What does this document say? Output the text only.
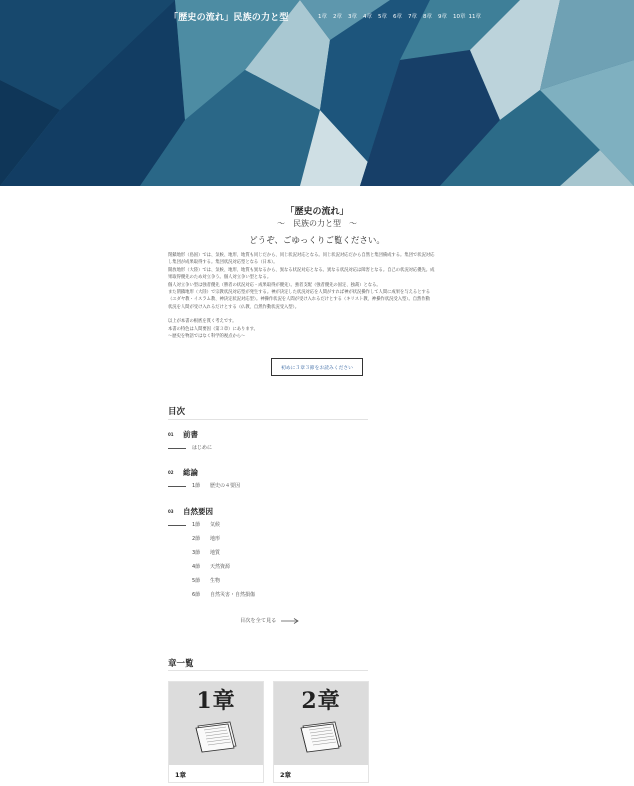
「歴史の流れ」民族の力と型	1章	2章	3章	4章	5章	6章	7章	8章	9章	10章 11章
「歴史の流れ」
〜　民族の力と型　〜
どうぞ、ごゆっくりご覧ください。

閉鎖地形（島国）では、気候、地形、地質も同じだから、同じ状況対応となる。同じ状況対応だから自然と集団備成する。集団で状況対応

し集団が成果取得する。集団状況対応型となる（日本）。

開放地形（大陸）では、気候、地形、地質も異なるから、異なる状況対応となる。異なる状況対応は障害となる。自己の状況対応優先。成

果取得優先のため対立争う。個人対立争い型となる。

個人対立争い型は強者優先（勝者の状況対応・成果取得が優先）。強者支配（強者優先の固定、独裁）となる。

また閉鎖地形（大陸）で宗教状況対応型が発生する。神が決定した状況対応を人間がすれば神が状況操作して人間に成果を与えるとする

（ユダヤ教・イスラム教、神決定状況対応型）。神操作状況を人間が受け入れるだけとする（キリスト教、神操作状況受入型）。自然作動

状況を人間が受け入れるだけとする（仏教、自然作動状況受入型）。

以上が本書の根底を貫く考えです。

本書の特色は人間要因（第３章）にあります。

〜歴史を物語ではなく科学的視点から〜

初めに３章３節をお読みください
目次
01 前書
はじめに
02 総論
1節 歴史の４要因
03 自然要因
1節 気候
2節 地形
3節 地質
4節 天然資源
5節 生物
6節 自然災害・自然損傷
目次を全て見る
章一覧
1章
1章
2章
2章
